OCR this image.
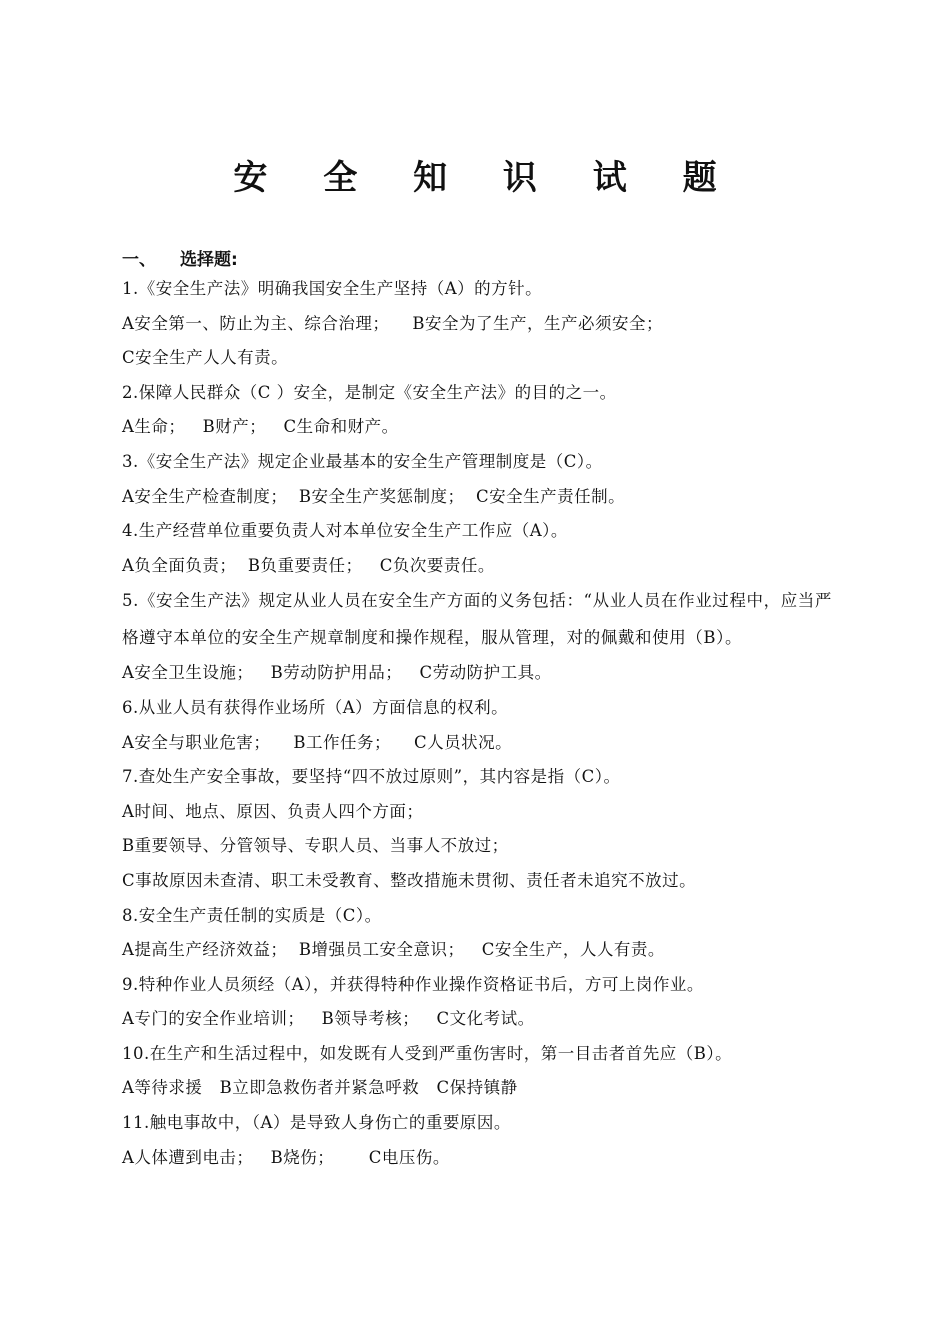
安 全 知 识 试 题
一、 选择题:
1.《安全生产法》明确我国安全生产坚持（A）的方针。
A安全第一、防止为主、综合治理；    B安全为了生产，生产必须安全；
C安全生产人人有责。
2.保障人民群众（C ）安全，是制定《安全生产法》的目的之一。
A生命；   B财产；   C生命和财产。
3.《安全生产法》规定企业最基本的安全生产管理制度是（C）。
A安全生产检查制度；  B安全生产奖惩制度；  C安全生产责任制。
4.生产经营单位重要负责人对本单位安全生产工作应（A）。
A负全面负责；  B负重要责任；   C负次要责任。
5.《安全生产法》规定从业人员在安全生产方面的义务包括：“从业人员在作业过程中，应当严格遵守本单位的安全生产规章制度和操作规程，服从管理，对的佩戴和使用（B）。
A安全卫生设施；   B劳动防护用品；   C劳动防护工具。
6.从业人员有获得作业场所（A）方面信息的权利。
A安全与职业危害；    B工作任务；    C人员状况。
7.查处生产安全事故，要坚持“四不放过原则”，其内容是指（C）。
A时间、地点、原因、负责人四个方面；
B重要领导、分管领导、专职人员、当事人不放过；
C事故原因未查清、职工未受教育、整改措施未贯彻、责任者未追究不放过。
8.安全生产责任制的实质是（C）。
A提高生产经济效益；  B增强员工安全意识；   C安全生产，人人有责。
9.特种作业人员须经（A），并获得特种作业操作资格证书后，方可上岗作业。
A专门的安全作业培训；   B领导考核；   C文化考试。
10.在生产和生活过程中，如发既有人受到严重伤害时，第一目击者首先应（B）。
A等待求援   B立即急救伤者并紧急呼救   C保持镇静
11.触电事故中，（A）是导致人身伤亡的重要原因。
A人体遭到电击；   B烧伤；      C电压伤。
